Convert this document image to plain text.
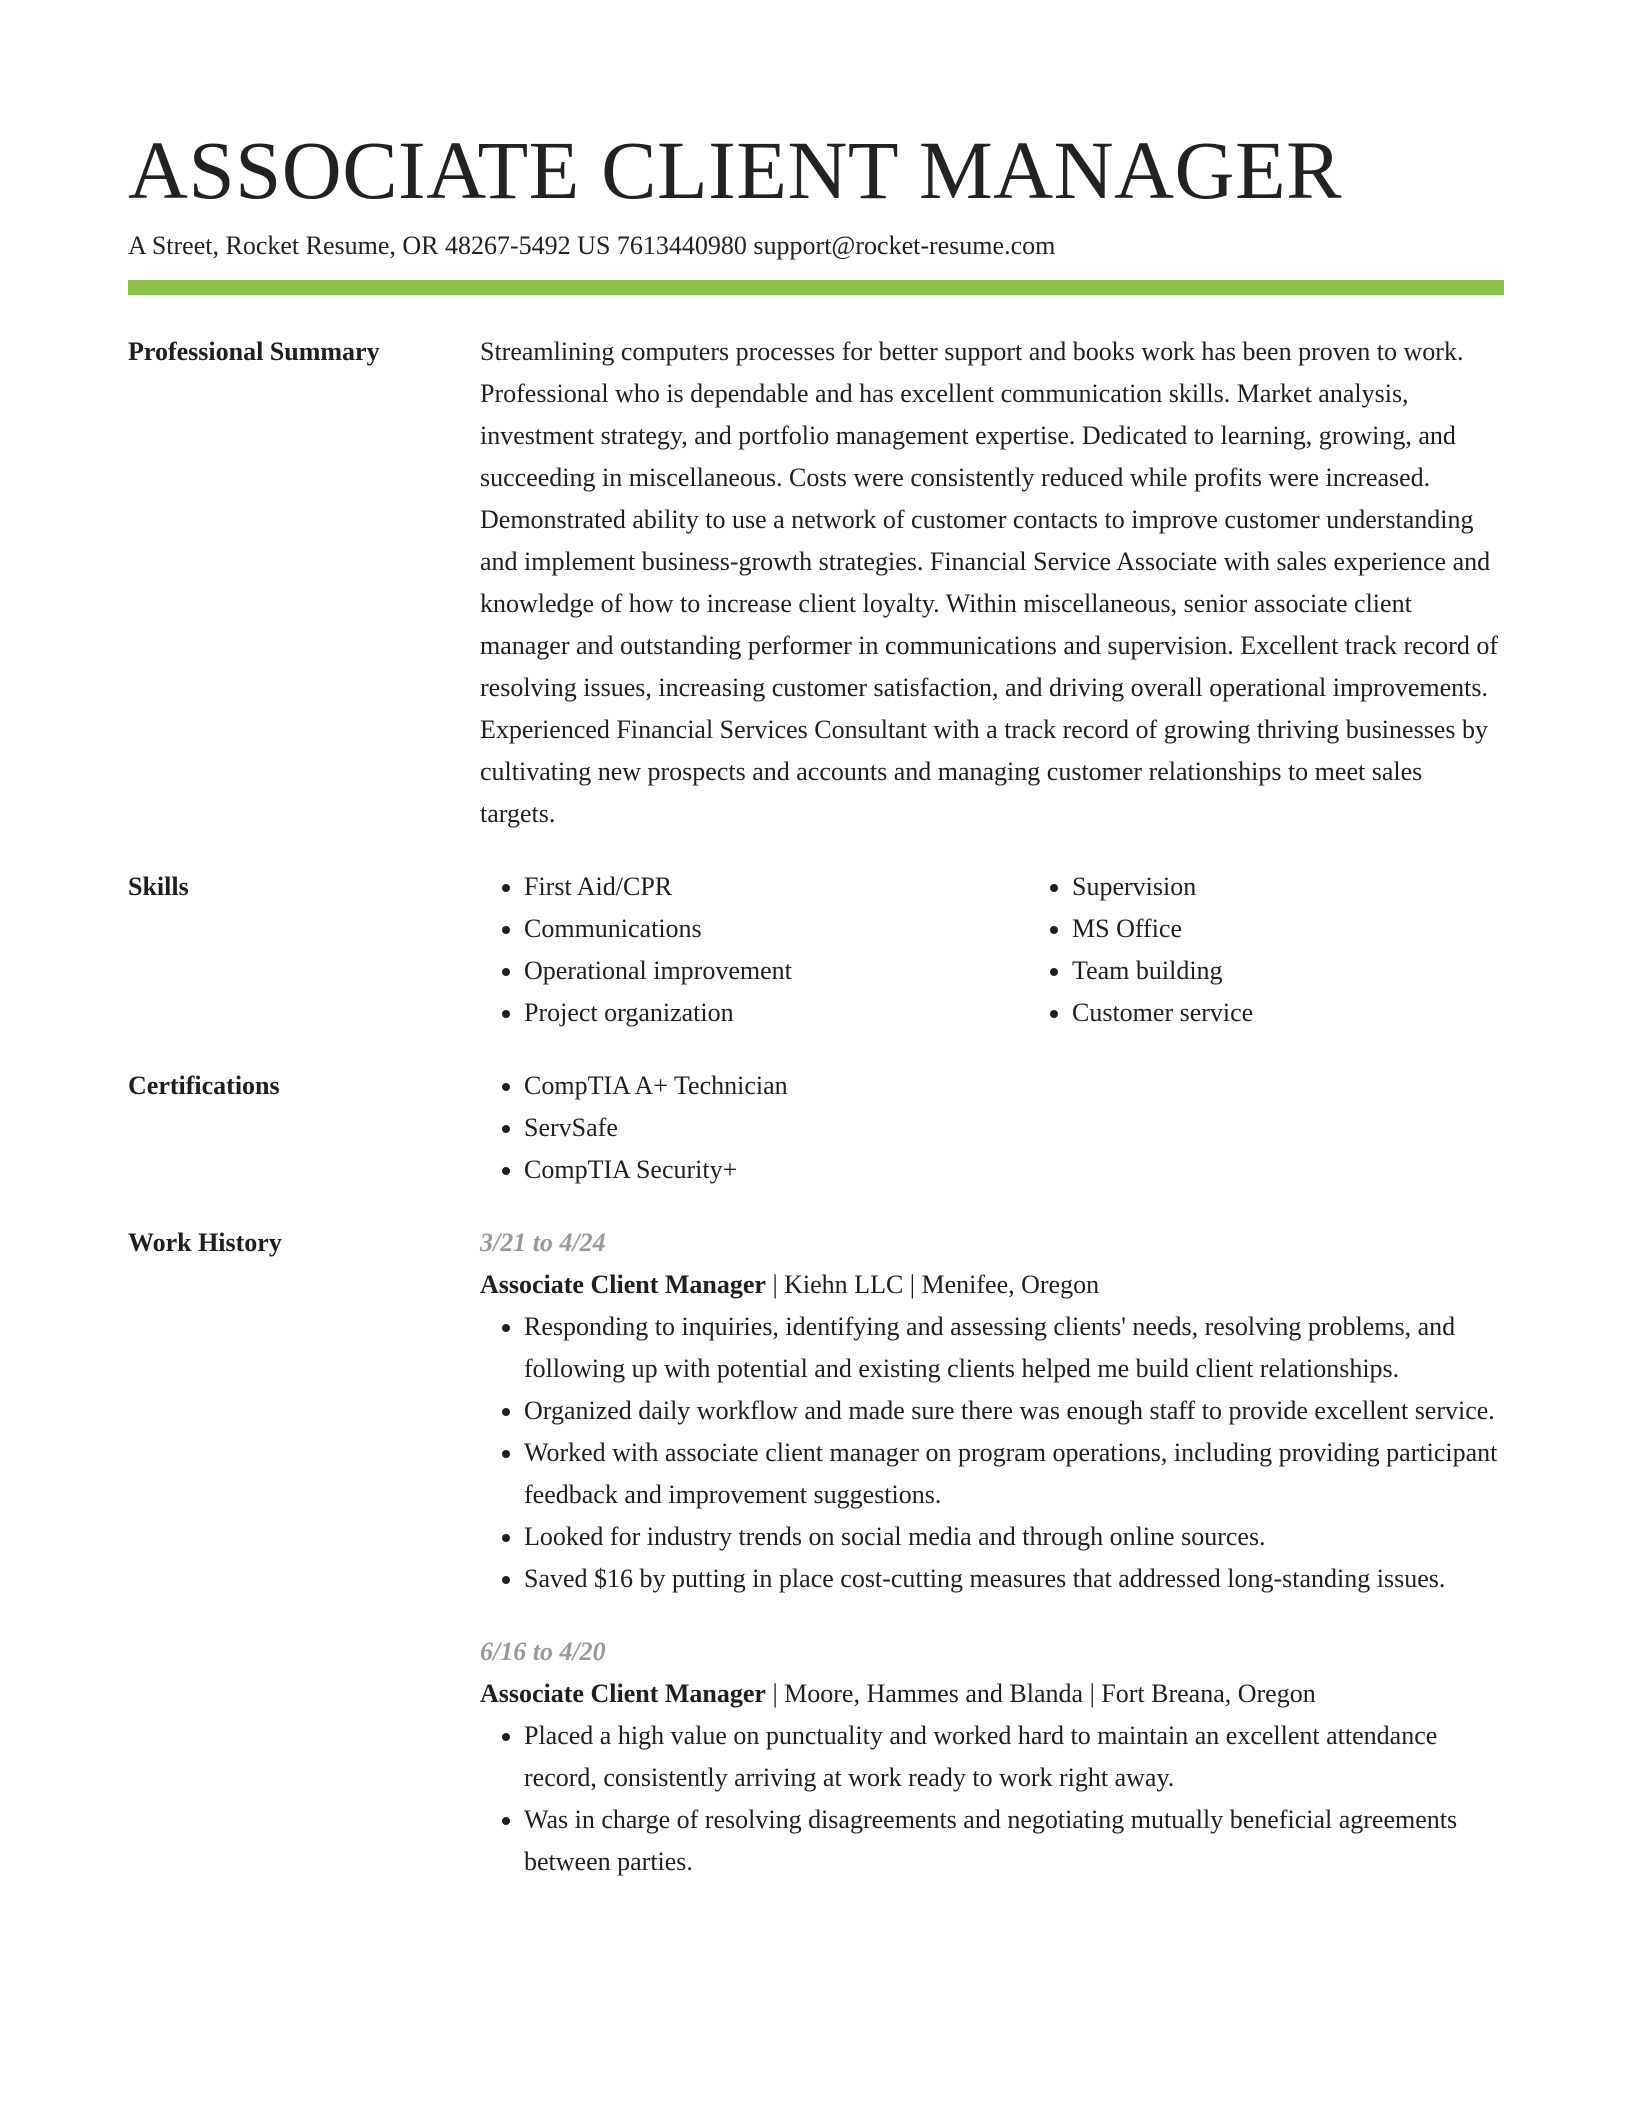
ASSOCIATE CLIENT MANAGER
A Street, Rocket Resume, OR 48267-5492 US 7613440980 support@rocket-resume.com
Professional Summary	Streamlining computers processes for better support and books work has been proven to work. Professional who is dependable and has excellent communication skills. Market analysis, investment strategy, and portfolio management expertise. Dedicated to learning, growing, and succeeding in miscellaneous. Costs were consistently reduced while profits were increased. Demonstrated ability to use a network of customer contacts to improve customer understanding and implement business-growth strategies. Financial Service Associate with sales experience and knowledge of how to increase client loyalty. Within miscellaneous, senior associate client manager and outstanding performer in communications and supervision. Excellent track record of resolving issues, increasing customer satisfaction, and driving overall operational improvements. Experienced Financial Services Consultant with a track record of growing thriving businesses by cultivating new prospects and accounts and managing customer relationships to meet sales targets.
Skills	• First Aid/CPR
• Communications
• Operational improvement
• Project organization
• Supervision
• MS Office
• Team building
• Customer service
Certifications	• CompTIA A+ Technician
• ServSafe
• CompTIA Security+
Work History	3/21 to 4/24
Associate Client Manager | Kiehn LLC | Menifee, Oregon
• Responding to inquiries, identifying and assessing clients' needs, resolving problems, and following up with potential and existing clients helped me build client relationships.
• Organized daily workflow and made sure there was enough staff to provide excellent service.
• Worked with associate client manager on program operations, including providing participant feedback and improvement suggestions.
• Looked for industry trends on social media and through online sources.
• Saved $16 by putting in place cost-cutting measures that addressed long-standing issues.
6/16 to 4/20
Associate Client Manager | Moore, Hammes and Blanda | Fort Breana, Oregon
• Placed a high value on punctuality and worked hard to maintain an excellent attendance record, consistently arriving at work ready to work right away.
• Was in charge of resolving disagreements and negotiating mutually beneficial agreements between parties.
